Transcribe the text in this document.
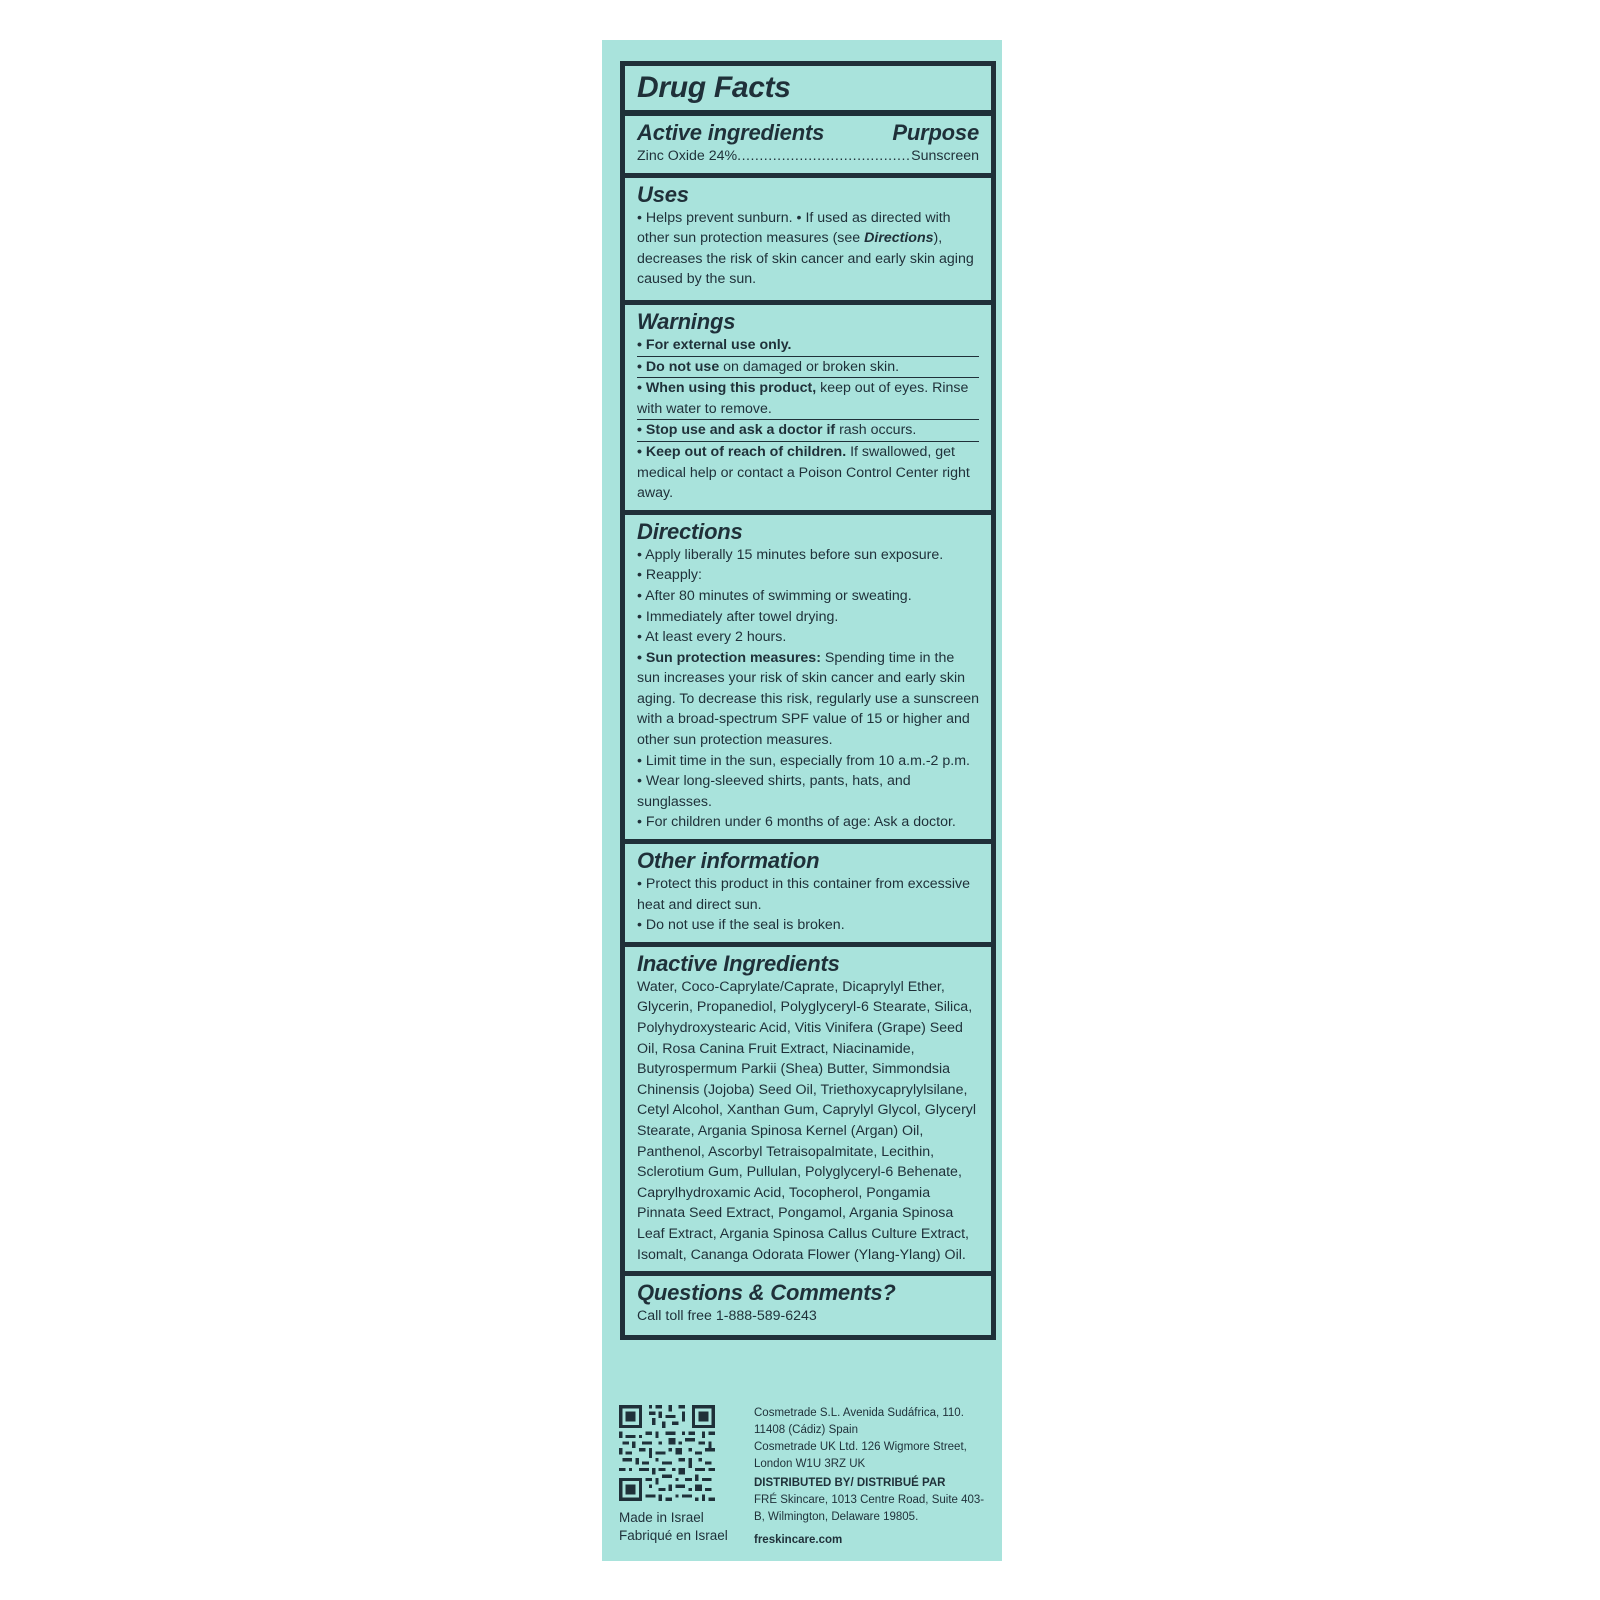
Drug Facts
Active ingredients	Purpose
Zinc Oxide 24%
.....	Sunscreen
Uses
• Helps prevent sunburn. • If used as directed with other sun protection measures (see Directions), decreases the risk of skin cancer and early skin aging caused by the sun.
Warnings
• For external use only.
• Do not use on damaged or broken skin.
• When using this product, keep out of eyes. Rinse with water to remove.
• Stop use and ask a doctor if rash occurs.
• Keep out of reach of children. If swallowed, get medical help or contact a Poison Control Center right away.
Directions
• Apply liberally 15 minutes before sun exposure.
• Reapply:
• After 80 minutes of swimming or sweating.
• Immediately after towel drying.
• At least every 2 hours.
• Sun protection measures: Spending time in the sun increases your risk of skin cancer and early skin aging. To decrease this risk, regularly use a sunscreen with a broad-spectrum SPF value of 15 or higher and other sun protection measures.
• Limit time in the sun, especially from 10 a.m.-2 p.m.
• Wear long-sleeved shirts, pants, hats, and sunglasses.
• For children under 6 months of age: Ask a doctor.
Other information
• Protect this product in this container from excessive heat and direct sun.
• Do not use if the seal is broken.
Inactive Ingredients
Water, Coco-Caprylate/Caprate, Dicaprylyl Ether, Glycerin, Propanediol, Polyglyceryl-6 Stearate, Silica, Polyhydroxystearic Acid, Vitis Vinifera (Grape) Seed Oil, Rosa Canina Fruit Extract, Niacinamide, Butyrospermum Parkii (Shea) Butter, Simmondsia Chinensis (Jojoba) Seed Oil, Triethoxycaprylylsilane, Cetyl Alcohol, Xanthan Gum, Caprylyl Glycol, Glyceryl Stearate, Argania Spinosa Kernel (Argan) Oil, Panthenol, Ascorbyl Tetraisopalmitate, Lecithin, Sclerotium Gum, Pullulan, Polyglyceryl-6 Behenate, Caprylhydroxamic Acid, Tocopherol, Pongamia Pinnata Seed Extract, Pongamol, Argania Spinosa Leaf Extract, Argania Spinosa Callus Culture Extract, Isomalt, Cananga Odorata Flower (Ylang-Ylang) Oil.
Questions & Comments?
Call toll free 1-888-589-6243
Made in Israel
Fabriqué en Israel
Cosmetrade S.L. Avenida Sudáfrica, 110. 11408 (Cádiz) Spain
Cosmetrade UK Ltd. 126 Wigmore Street, London W1U 3RZ UK
DISTRIBUTED BY/ DISTRIBUÉ PAR
FRÉ Skincare, 1013 Centre Road, Suite 403-B, Wilmington, Delaware 19805.
freskincare.com
